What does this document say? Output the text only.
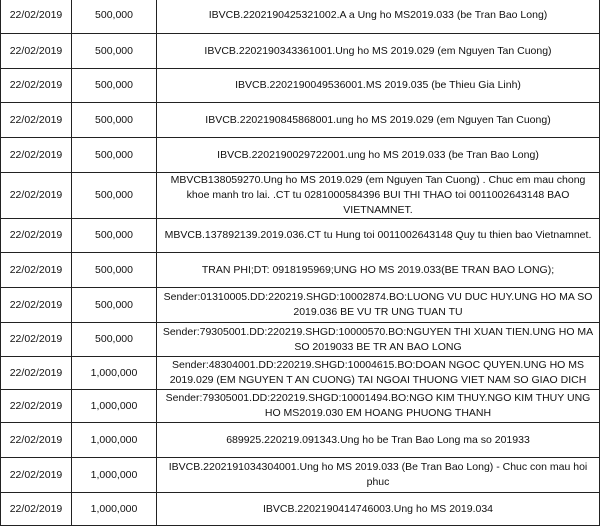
22/02/2019	500,000	IBVCB.2202190425321002.A a Ung ho MS2019.033 (be Tran Bao Long)
22/02/2019	500,000	IBVCB.2202190343361001.Ung ho MS 2019.029 (em Nguyen Tan Cuong)
22/02/2019	500,000	IBVCB.2202190049536001.MS 2019.035 (be Thieu Gia Linh)
22/02/2019	500,000	IBVCB.2202190845868001.ung ho MS 2019.029 (em Nguyen Tan Cuong)
22/02/2019	500,000	IBVCB.2202190029722001.ung ho MS 2019.033 (be Tran Bao Long)
22/02/2019	500,000	MBVCB138059270.Ung ho MS 2019.029 (em Nguyen Tan Cuong) . Chuc em mau chong khoe manh tro lai. .CT tu 0281000584396 BUI THI THAO toi 0011002643148 BAO VIETNAMNET.
22/02/2019	500,000	MBVCB.137892139.2019.036.CT tu Hung toi 0011002643148 Quy tu thien bao Vietnamnet.
22/02/2019	500,000	TRAN PHI;DT: 0918195969;UNG HO MS 2019.033(BE TRAN BAO LONG);
22/02/2019	500,000	Sender:01310005.DD:220219.SHGD:10002874.BO:LUONG VU DUC HUY.UNG HO MA SO 2019.036 BE VU TR UNG TUAN TU
22/02/2019	500,000	Sender:79305001.DD:220219.SHGD:10000570.BO:NGUYEN THI XUAN TIEN.UNG HO MA SO 2019033 BE TR AN BAO LONG
22/02/2019	1,000,000	Sender:48304001.DD:220219.SHGD:10004615.BO:DOAN NGOC QUYEN.UNG HO MS 2019.029 (EM NGUYEN T AN CUONG) TAI NGOAI THUONG VIET NAM SO GIAO DICH
22/02/2019	1,000,000	Sender:79305001.DD:220219.SHGD:10001494.BO:NGO KIM THUY.NGO KIM THUY UNG HO MS2019.030 EM HOANG PHUONG THANH
22/02/2019	1,000,000	689925.220219.091343.Ung ho be Tran Bao Long ma so 201933
22/02/2019	1,000,000	IBVCB.2202191034304001.Ung ho MS 2019.033 (Be Tran Bao Long) - Chuc con mau hoi phuc
22/02/2019	1,000,000	IBVCB.2202190414746003.Ung ho MS 2019.034
